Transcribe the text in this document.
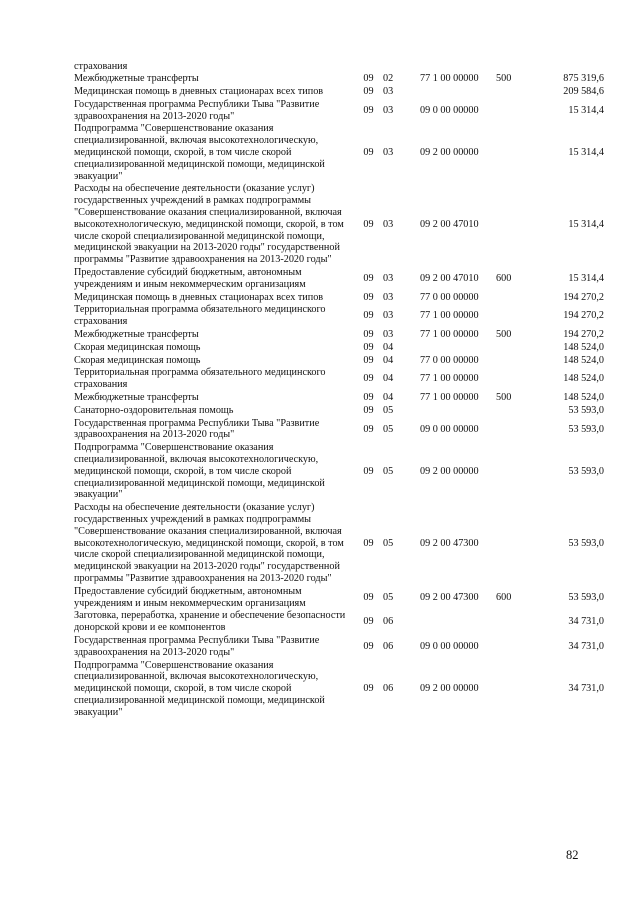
страхования					
Межбюджетные трансферты	09	02	77 1 00 00000	500	875 319,6
Медицинская помощь в дневных стационарах всех типов	09	03			209 584,6
Государственная программа Республики Тыва "Развитие здравоохранения на 2013-2020 годы"	09	03	09 0 00 00000		15 314,4
Подпрограмма "Совершенствование оказания специализированной, включая высокотехнологическую, медицинской помощи, скорой, в том числе скорой специализированной медицинской помощи, медицинской эвакуации"	09	03	09 2 00 00000		15 314,4
Расходы на обеспечение деятельности (оказание услуг) государственных учреждений в рамках подпрограммы "Совершенствование оказания специализированной, включая высокотехнологическую, медицинской помощи, скорой, в том числе скорой специализированной медицинской помощи, медицинской эвакуации на 2013-2020 годы" государственной программы "Развитие здравоохранения на 2013-2020 годы"	09	03	09 2 00 47010		15 314,4
Предоставление субсидий бюджетным, автономным учреждениям и иным некоммерческим организациям	09	03	09 2 00 47010	600	15 314,4
Медицинская помощь в дневных стационарах всех типов	09	03	77 0 00 00000		194 270,2
Территориальная программа обязательного медицинского страхования	09	03	77 1 00 00000		194 270,2
Межбюджетные трансферты	09	03	77 1 00 00000	500	194 270,2
Скорая медицинская помощь	09	04			148 524,0
Скорая медицинская помощь	09	04	77 0 00 00000		148 524,0
Территориальная программа обязательного медицинского страхования	09	04	77 1 00 00000		148 524,0
Межбюджетные трансферты	09	04	77 1 00 00000	500	148 524,0
Санаторно-оздоровительная помощь	09	05			53 593,0
Государственная программа Республики Тыва "Развитие здравоохранения на 2013-2020 годы"	09	05	09 0 00 00000		53 593,0
Подпрограмма "Совершенствование оказания специализированной, включая высокотехнологическую, медицинской помощи, скорой, в том числе скорой специализированной медицинской помощи, медицинской эвакуации"	09	05	09 2 00 00000		53 593,0
Расходы на обеспечение деятельности (оказание услуг) государственных учреждений в рамках подпрограммы "Совершенствование оказания специализированной, включая высокотехнологическую, медицинской помощи, скорой, в том числе скорой специализированной медицинской помощи, медицинской эвакуации на 2013-2020 годы" государственной программы "Развитие здравоохранения на 2013-2020 годы"	09	05	09 2 00 47300		53 593,0
Предоставление субсидий бюджетным, автономным учреждениям и иным некоммерческим организациям	09	05	09 2 00 47300	600	53 593,0
Заготовка, переработка, хранение и обеспечение безопасности донорской крови и ее компонентов	09	06			34 731,0
Государственная программа Республики Тыва "Развитие здравоохранения на 2013-2020 годы"	09	06	09 0 00 00000		34 731,0
Подпрограмма "Совершенствование оказания специализированной, включая высокотехнологическую, медицинской помощи, скорой, в том числе скорой специализированной медицинской помощи, медицинской эвакуации"	09	06	09 2 00 00000		34 731,0
82
